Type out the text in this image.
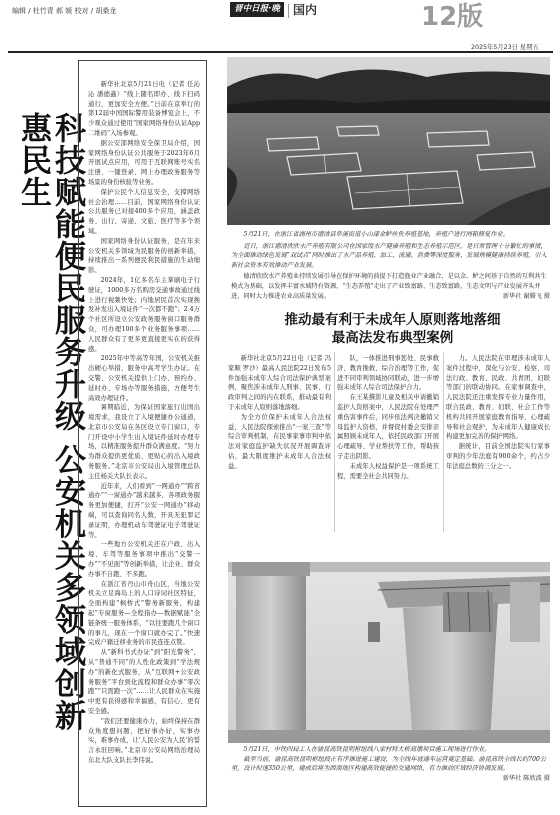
编辑 / 杜竹青 郝 媛 校对 / 胡桑龙	晋中日报·晚报版
国内	12版
2025年5月23日 星期五
科技赋能便民服务升级 公安机关多领域创新惠民生

新华社北京5月21日电（记者 任沁沁 潘德鑫）“线上随名即办、线下扫码通行，更加安全方便。”日前在京举行的第12届中国国际警用装备博览会上，不少观众通过使用“国家网络身份认证App二维码”入场参观。

据公安部网络安全保卫局介绍，国家网络身份认证公共服务于2023年6月开展试点应用，可用于互联网账号实名注册、一键登录、网上办理政务服务等场景的身份核验等业务。

保护公民个人信息安全，支撑网络社会治理……目前，国家网络身份认证公共服务已对接400多个应用，涵盖政务、出行、寄递、文旅、医疗等多个领域。

国家网络身份认证服务，是在年来公安机关多领域为民服务的创新举措，持续推出一系列便民利民措施的生动缩影。

2024年，1亿多名车主掌刷电子行驶证，1000多万名购房交通事故通过线上进行视频快处；内地居民首次实现换发补发出入境证件“一次都不跑”；2.4万个社区所设立公安政务服务窗口服务群众，可办理100多个业务服务事项……人民群众有了更多更直接更实在的获得感。

2025年中等高等年国，公安机关推出硬心举措，服务中高考学生办证。在交警、公安机关提供上门办、预约办、延时办、专场办等服务措施，方便考生高效办理证件。

暑期临近，为保证国家旅行出国出境需求，我设立了入境便捷办公通道，北京市公安局在各区设立专门窗口，专门开设中小学生出入境证件延时办理专场，以精准服务提升群众满意度。“努力为群众提供更优质、更贴心的出入境政务服务。”北京市公安局出入境管理总队主任杨关大队长表示。

近年来，人们看到“一网通办”“跨省通办”“一窗通办”越来越多，各项政务服务更加便捷，打开“公安一网通办”移动端，可以查询同名人数，开具无犯罪记录证明，办理机动车驾驶证电子驾驶证等。

一些地方公安机关还在户政、出入境、车驾等服务事项中推出“交警一办”“不见面”等创新举措，让企业、群众办事不自跑、不多跑。

在浙江省丹山市舟山区，当地公安机关立足海岛上的人口诗词社区特征，全面构建“枫桥式”警务新服务，构建起“专窗服务—全程指办—数据赋能”全链条统一服务体系，“以往要跑几个窗口的事儿，现在一个窗口就办完了。”快速完成户籍迁移业务的市民连连点赞。

从“新科书式办证”到“阳光警务”，从“普通不同”的人性化政策到“学法规办”的新化式服务，从“互联网+公安政务服务”平台到化流程和群众办事“零次跑”“只需跑一次”……让人民群众在实施中更有获得感和幸福感，有信心、更有安全感。

“我们还要健康办力，始终保持在群众角度想问题，把好事办好、实事办实，难事办成，让‘人民公安为人民’的誓言永驻回响。”北京市公安局网络治理局东北大队支队长李伟说。

5月21日，在浙江省湖州市德清县阜溪街道小山漾金鲈丝鱼养殖基地，养殖户进行网箱修复作业。

近日，浙江德清欣欣水产养殖有限公司在国家级水产健康养殖和生态养殖示范区，是日常管理十分繁忙的事情，为全面推动绿色发展“双试点”同时推出了水产品养殖、加工、流通、消费等深度服务，发展规模健康持续养殖，引入新社会资本有效推动产业发展。

德清欣欣水产养殖业持续发展引导在保护环境的前提下打造渔业产业融合，是以金、鲈之间基于自然的互利共生模式为基础，以发挥丰富水域特有资源，“生态养殖”走出了产业致富路、生态致富路，生态文明与产业发展齐头并进，同时大力推进农业高质量发展。	新华社 谢腾飞 摄

推动最有利于未成年人原则落地落细
最高法发布典型案例

新华社北京5月22日电（记者 冯家顺 罗沙）最高人民法院22日发布5件加强未成年人综合司法保护典型案例，聚焦涉未成年人刑事、民事、行政审判之间的内在联系，推动最有利于未成年人原则落地落细。

为全方位保护未成年人合法权益，人民法院探索推出“一案三查”等综合审判机制，在民事家事审判中依法对家庭监护缺失状况开展调查评估，最大限度维护未成年人合法权益。

队，一体推进刑事惩处、民事救济、教育挽救、综合治理等工作，促进不同审判领域协同联动，进一步增强未成年人综合司法保护合力。

在王某撰影儿童及相关申请撤销监护人资格案中，人民法院在处理严重伤害事件后，同步依法判决撤销父母监护人资格，并督促村委会安排亲属照顾未成年人，依托民政部门开展心理疏导、学业帮扶等工作，帮助孩子走出阴影。

未成年人权益保护是一项系统工程，需要全社会共同努力。

力。人民法院在审理涉未成年人案件过程中，深化与公安、检察、司法行政、教育、民政、共青团、妇联等部门的联动协同。在家事调查中，人民法院还注重发挥专业力量作用，联合民政、教育、妇联、社会工作等机构共同开展家庭教育指导、心理疏导和社会观护，为未成年人健康成长构建更加完善的保护网络。

据统计，目前全国法院实行家事审判的少年法庭有900余个，约占少年法庭总数的三分之一。

5月21日，中铁四局工人在渝昆高铁昆明枢纽线八家村特大桥高墩项目施工现场进行作业。

截至当前，渝昆高铁昆明枢纽段正有序推进施工建设，为全线年底通车运营奠定基础。渝昆高铁全线长约700公里，设计时速350公里，建成后将为西南地区构建高效便捷的交通网络，有力推动区域经济协调发展。
新华社 陈欣波 摄
